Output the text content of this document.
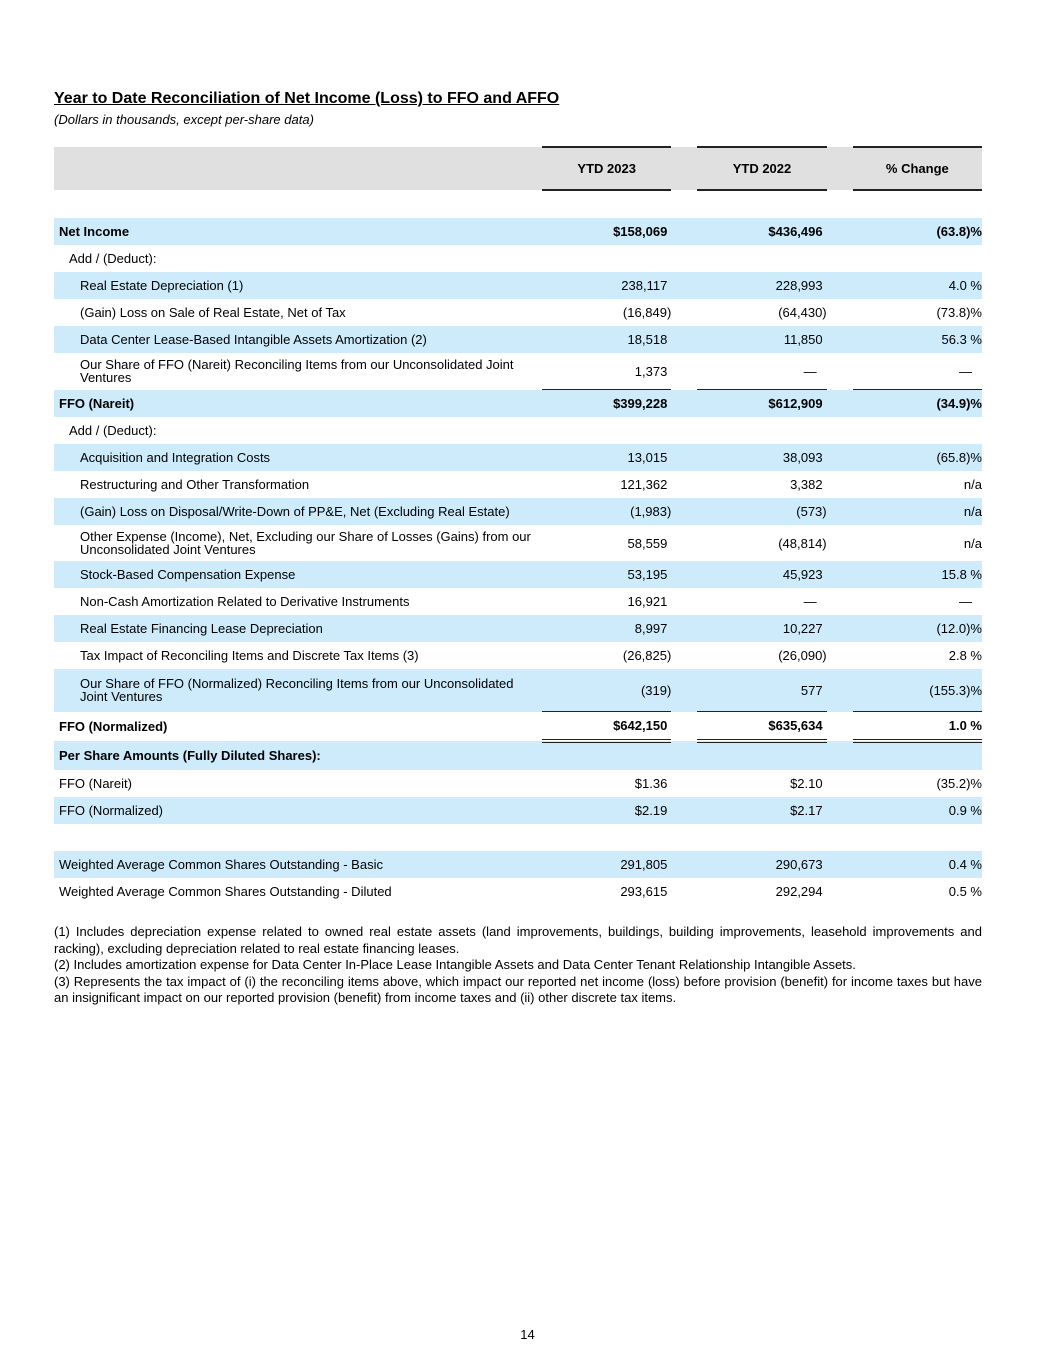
Year to Date Reconciliation of Net Income (Loss) to FFO and AFFO
(Dollars in thousands, except per-share data)
	YTD 2023		YTD 2022		% Change

Net Income	$158,069		$436,496		(63.8)%
Add / (Deduct):					
Real Estate Depreciation (1)	238,117		228,993		4.0 %
(Gain) Loss on Sale of Real Estate, Net of Tax	(16,849)		(64,430)		(73.8)%
Data Center Lease-Based Intangible Assets Amortization (2)	18,518		11,850		56.3 %
Our Share of FFO (Nareit) Reconciling Items from our Unconsolidated Joint Ventures	1,373		—		—
FFO (Nareit)	$399,228		$612,909		(34.9)%
Add / (Deduct):					
Acquisition and Integration Costs	13,015		38,093		(65.8)%
Restructuring and Other Transformation	121,362		3,382		n/a
(Gain) Loss on Disposal/Write-Down of PP&E, Net (Excluding Real Estate)	(1,983)		(573)		n/a
Other Expense (Income), Net, Excluding our Share of Losses (Gains) from our Unconsolidated Joint Ventures	58,559		(48,814)		n/a
Stock-Based Compensation Expense	53,195		45,923		15.8 %
Non-Cash Amortization Related to Derivative Instruments	16,921		—		—
Real Estate Financing Lease Depreciation	8,997		10,227		(12.0)%
Tax Impact of Reconciling Items and Discrete Tax Items (3)	(26,825)		(26,090)		2.8 %
Our Share of FFO (Normalized) Reconciling Items from our Unconsolidated Joint Ventures	(319)		577		(155.3)%
FFO (Normalized)	$642,150		$635,634		1.0 %
Per Share Amounts (Fully Diluted Shares):					
FFO (Nareit)	$1.36		$2.10		(35.2)%
FFO (Normalized)	$2.19		$2.17		0.9 %

Weighted Average Common Shares Outstanding - Basic	291,805		290,673		0.4 %
Weighted Average Common Shares Outstanding - Diluted	293,615		292,294		0.5 %
(1) Includes depreciation expense related to owned real estate assets (land improvements, buildings, building improvements, leasehold improvements and racking), excluding depreciation related to real estate financing leases.
(2) Includes amortization expense for Data Center In-Place Lease Intangible Assets and Data Center Tenant Relationship Intangible Assets.
(3) Represents the tax impact of (i) the reconciling items above, which impact our reported net income (loss) before provision (benefit) for income taxes but have an insignificant impact on our reported provision (benefit) from income taxes and (ii) other discrete tax items.
14
